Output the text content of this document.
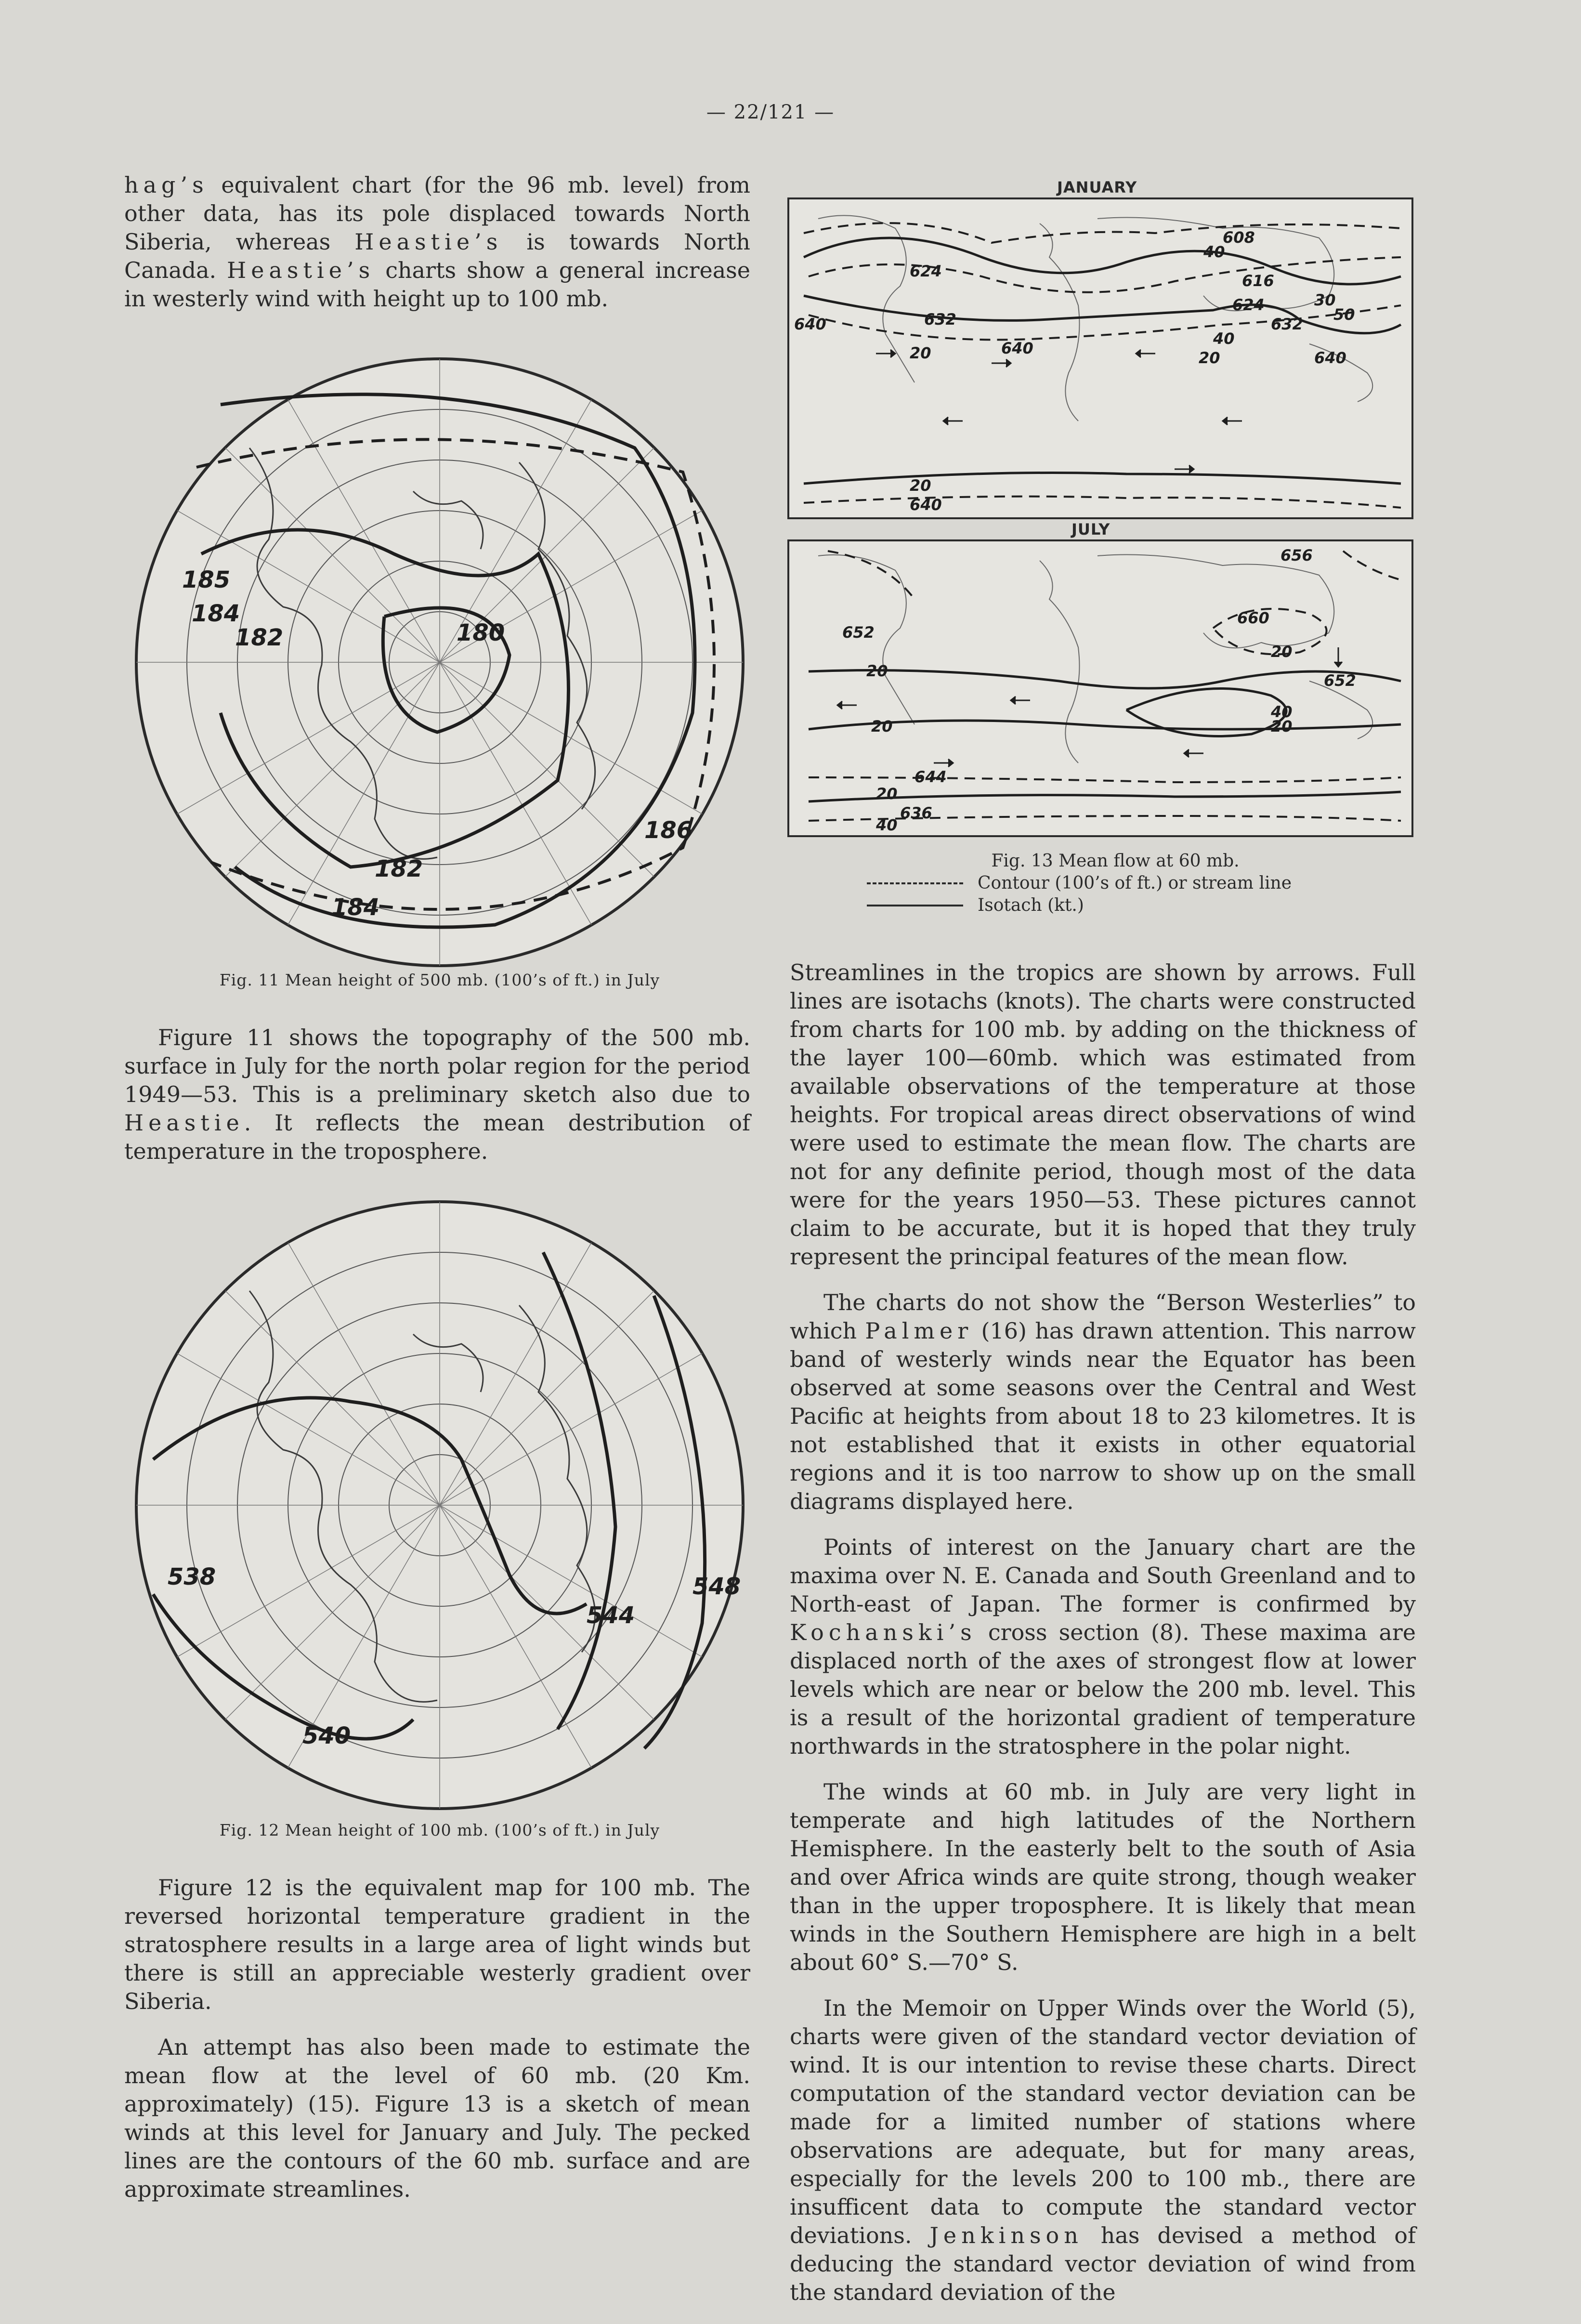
— 22/121 —

hag’s equivalent chart (for the 96 mb. level) from other data, has its pole displaced towards North Siberia, whereas Heastie’s is towards North Canada. Heastie’s charts show a general increase in westerly wind with height up to 100 mb.

185
184
182	180
186
182
184
Fig. 11 Mean height of 500 mb. (100’s of ft.) in July

Figure 11 shows the topography of the 500 mb. surface in July for the north polar region for the period 1949—53. This is a preliminary sketch also due to Heastie. It reflects the mean destribution of temperature in the troposphere.

538
540
544
548
Fig. 12 Mean height of 100 mb. (100’s of ft.) in July

Figure 12 is the equivalent map for 100 mb. The reversed horizontal temperature gradient in the stratosphere results in a large area of light winds but there is still an appreciable westerly gradient over Siberia.

An attempt has also been made to estimate the mean flow at the level of 60 mb. (20 Km. approximately) (15). Figure 13 is a sketch of mean winds at this level for January and July. The pecked lines are the contours of the 60 mb. surface and are approximate streamlines.

JANUARY
40
608
624
632
20	640
640
616
624
632
40
20
30
50
640
20
640
JULY
656
652
660
20
20
40
20
20
652
644
20
636
40
Fig. 13 Mean flow at 60 mb.
Contour (100’s of ft.) or stream line
Isotach (kt.)

Streamlines in the tropics are shown by arrows. Full lines are isotachs (knots). The charts were constructed from charts for 100 mb. by adding on the thickness of the layer 100—60mb. which was estimated from available observations of the temperature at those heights. For tropical areas direct observations of wind were used to estimate the mean flow. The charts are not for any definite period, though most of the data were for the years 1950—53. These pictures cannot claim to be accurate, but it is hoped that they truly represent the principal features of the mean flow.

The charts do not show the “Berson Westerlies” to which Palmer (16) has drawn attention. This narrow band of westerly winds near the Equator has been observed at some seasons over the Central and West Pacific at heights from about 18 to 23 kilometres. It is not established that it exists in other equatorial regions and it is too narrow to show up on the small diagrams displayed here.

Points of interest on the January chart are the maxima over N. E. Canada and South Greenland and to North-east of Japan. The former is confirmed by Kochanski’s cross section (8). These maxima are displaced north of the axes of strongest flow at lower levels which are near or below the 200 mb. level. This is a result of the horizontal gradient of temperature northwards in the stratosphere in the polar night.

The winds at 60 mb. in July are very light in temperate and high latitudes of the Northern Hemisphere. In the easterly belt to the south of Asia and over Africa winds are quite strong, though weaker than in the upper troposphere. It is likely that mean winds in the Southern Hemisphere are high in a belt about 60° S.—70° S.

In the Memoir on Upper Winds over the World (5), charts were given of the standard vector deviation of wind. It is our intention to revise these charts. Direct computation of the standard vector deviation can be made for a limited number of stations where observations are adequate, but for many areas, especially for the levels 200 to 100 mb., there are insufficent data to compute the standard vector deviations. Jenkinson has devised a method of deducing the standard vector deviation of wind from the standard deviation of the
